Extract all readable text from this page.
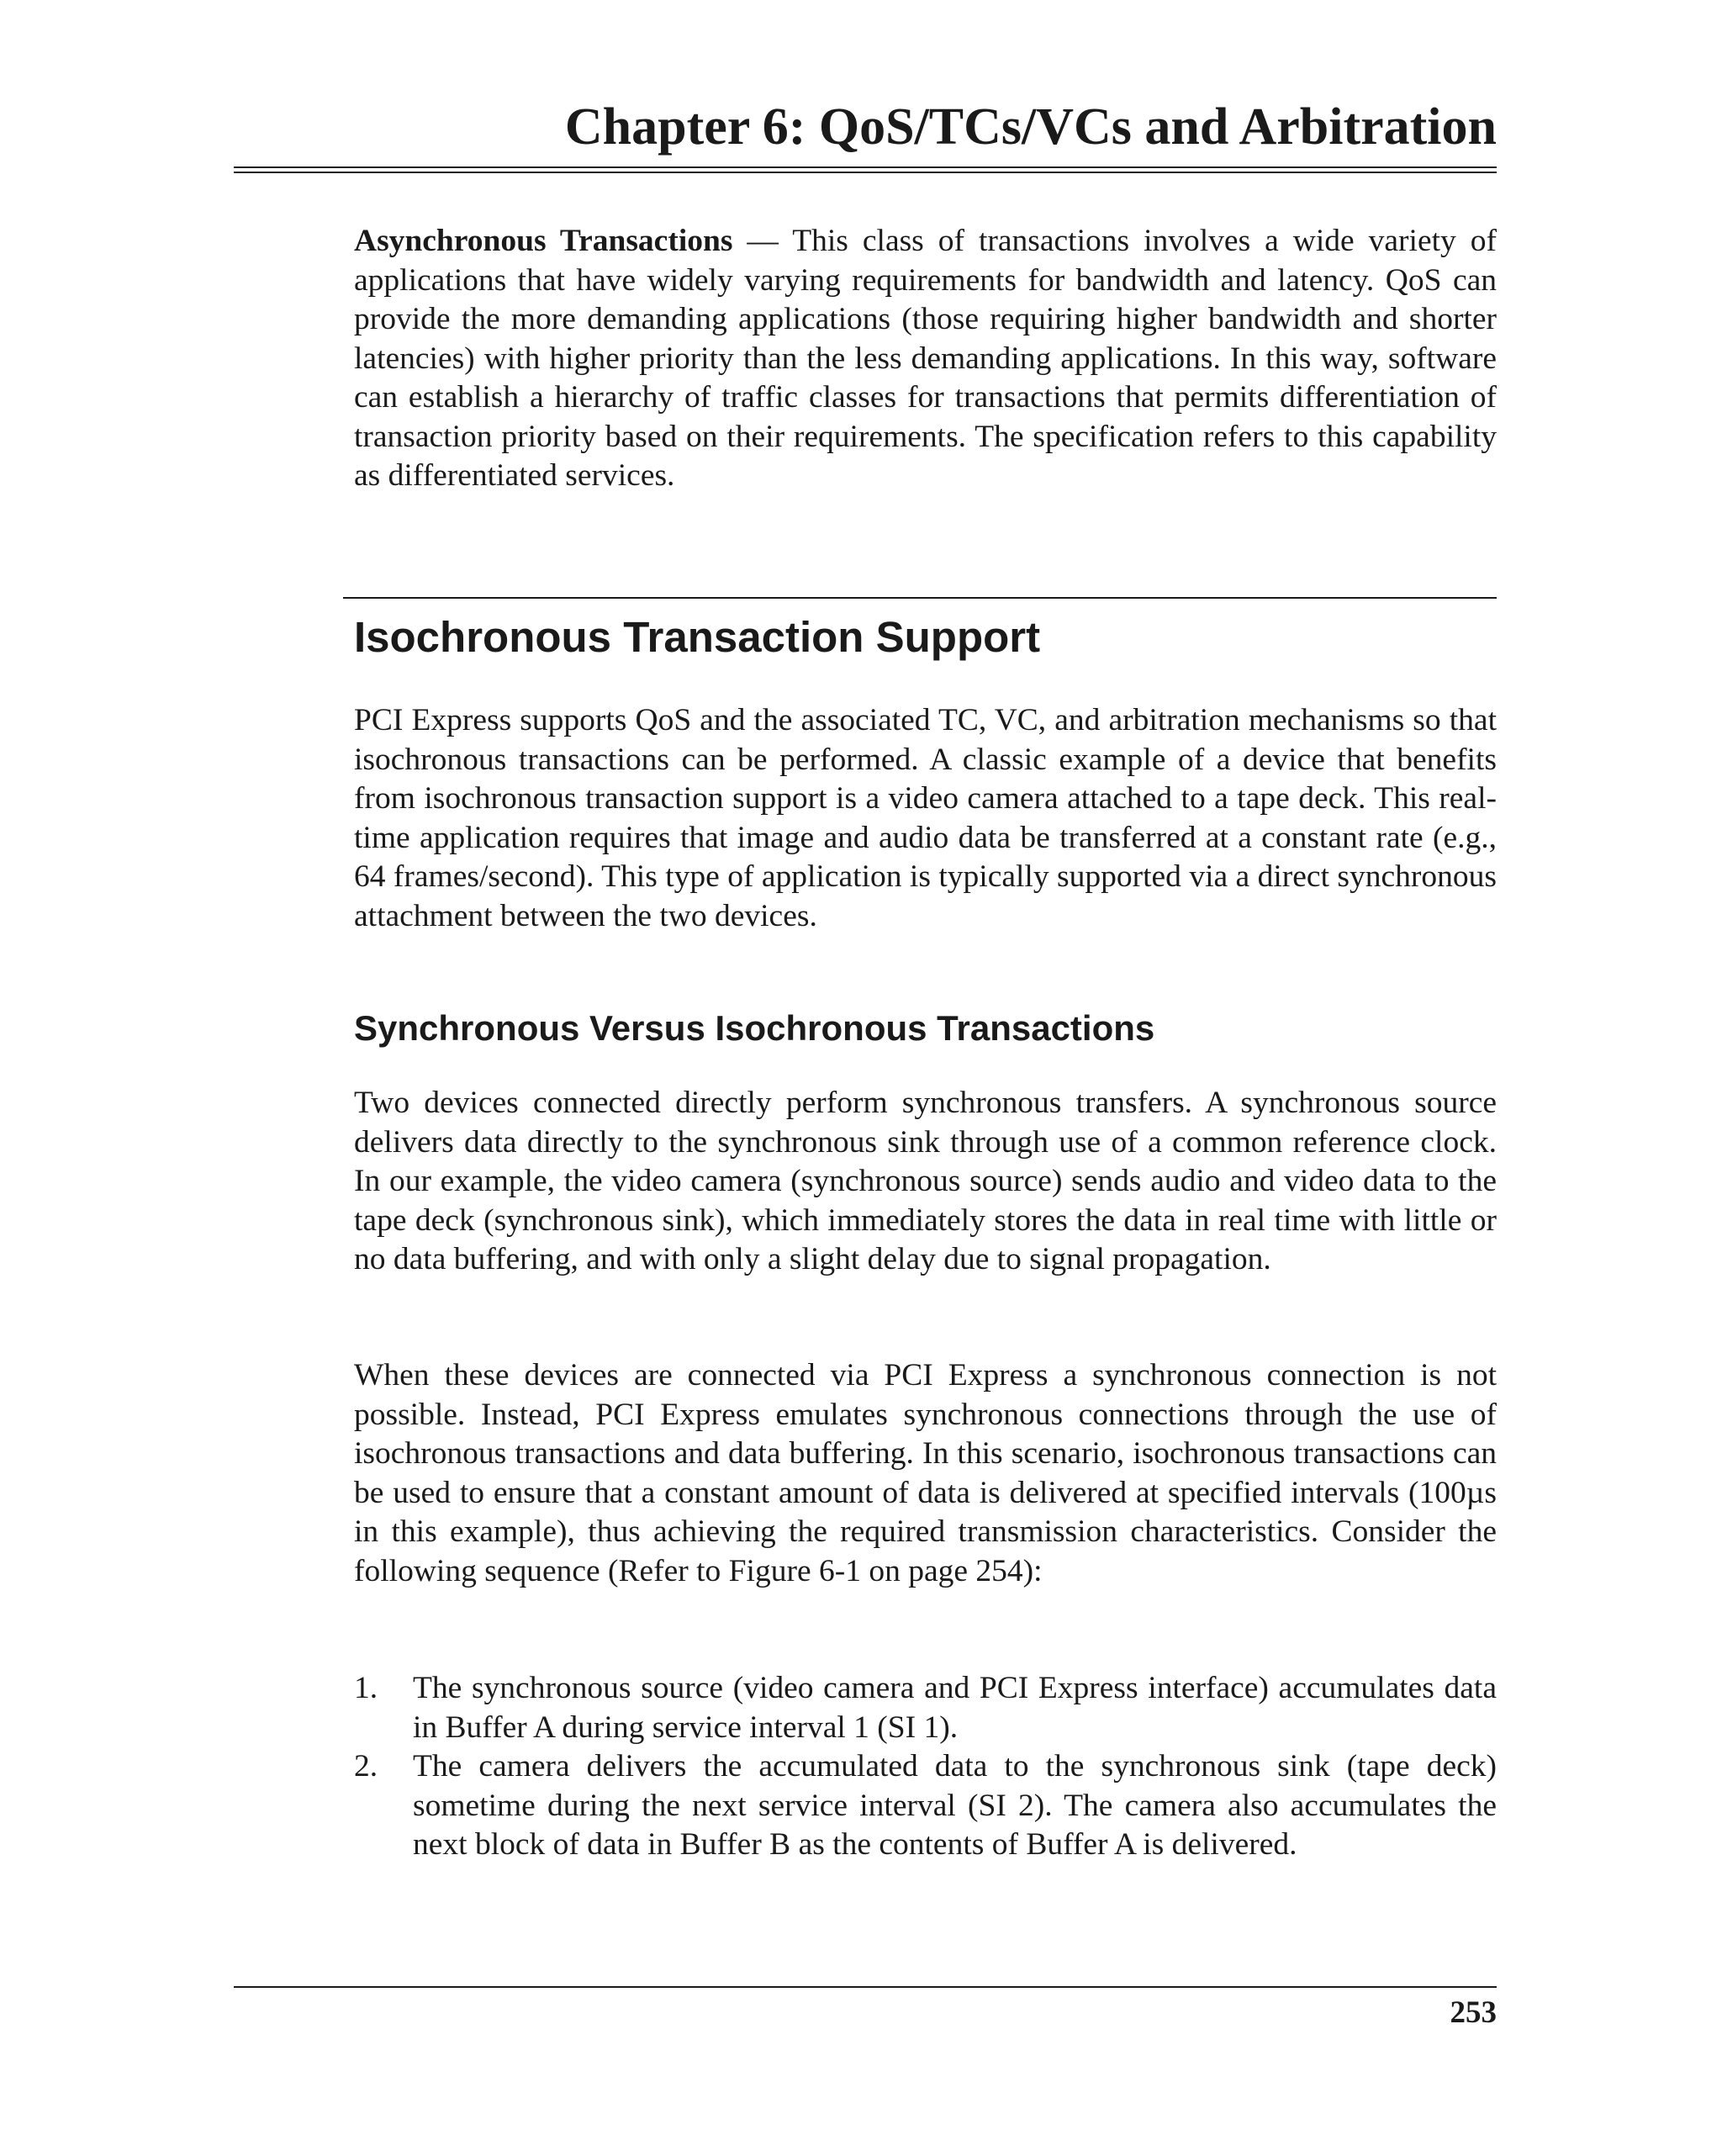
Chapter 6: QoS/TCs/VCs and Arbitration

Asynchronous Transactions — This class of transactions involves a wide variety of applications that have widely varying requirements for bandwidth and latency. QoS can provide the more demanding applications (those requiring higher bandwidth and shorter latencies) with higher priority than the less demanding applications. In this way, software can establish a hierarchy of traffic classes for transactions that permits differentiation of transaction priority based on their requirements. The specification refers to this capability as differentiated services.

Isochronous Transaction Support

PCI Express supports QoS and the associated TC, VC, and arbitration mechanisms so that isochronous transactions can be performed. A classic example of a device that benefits from isochronous transaction support is a video camera attached to a tape deck. This real-time application requires that image and audio data be transferred at a constant rate (e.g., 64 frames/second). This type of application is typically supported via a direct synchronous attachment between the two devices.

Synchronous Versus Isochronous Transactions

Two devices connected directly perform synchronous transfers. A synchronous source delivers data directly to the synchronous sink through use of a common reference clock. In our example, the video camera (synchronous source) sends audio and video data to the tape deck (synchronous sink), which immediately stores the data in real time with little or no data buffering, and with only a slight delay due to signal propagation.

When these devices are connected via PCI Express a synchronous connection is not possible. Instead, PCI Express emulates synchronous connections through the use of isochronous transactions and data buffering. In this scenario, isochronous transactions can be used to ensure that a constant amount of data is delivered at specified intervals (100µs in this example), thus achieving the required transmission characteristics. Consider the following sequence (Refer to Figure 6-1 on page 254):

1. The synchronous source (video camera and PCI Express interface) accumulates data in Buffer A during service interval 1 (SI 1).
2. The camera delivers the accumulated data to the synchronous sink (tape deck) sometime during the next service interval (SI 2). The camera also accumulates the next block of data in Buffer B as the contents of Buffer A is delivered.
253
